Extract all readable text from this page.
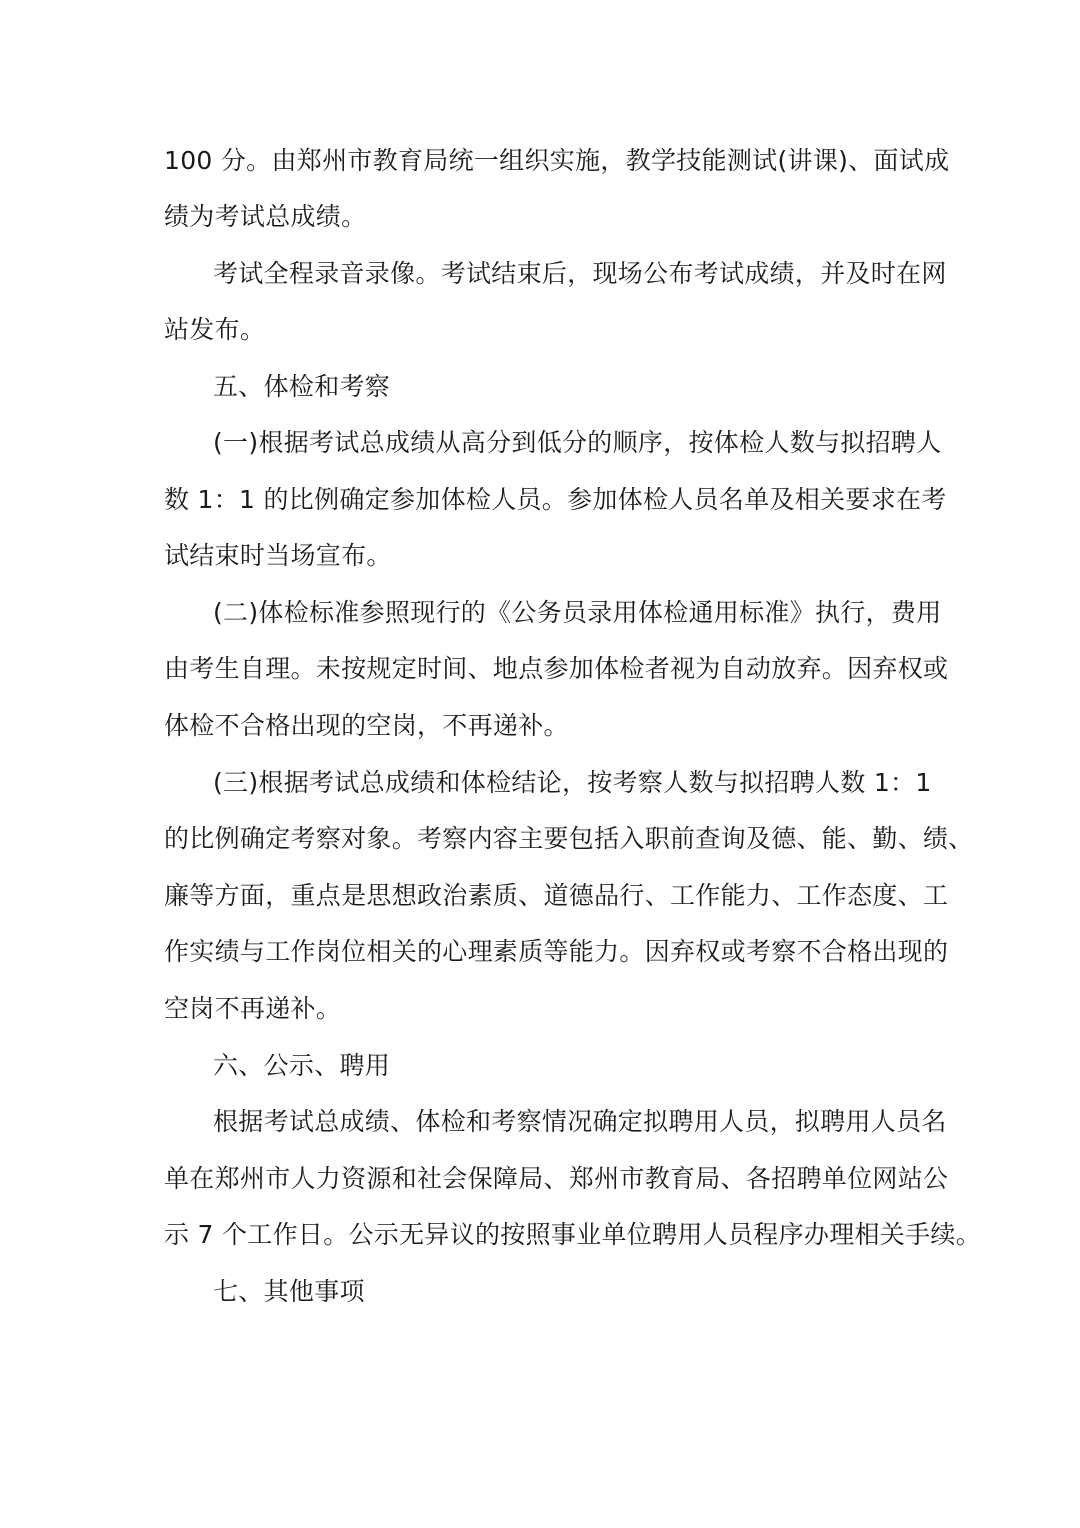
100 分。由郑州市教育局统一组织实施，教学技能测试(讲课)、面试成
绩为考试总成绩。
考试全程录音录像。考试结束后，现场公布考试成绩，并及时在网
站发布。
五、体检和考察
(一)根据考试总成绩从高分到低分的顺序，按体检人数与拟招聘人
数 1：1 的比例确定参加体检人员。参加体检人员名单及相关要求在考
试结束时当场宣布。
(二)体检标准参照现行的《公务员录用体检通用标准》执行，费用
由考生自理。未按规定时间、地点参加体检者视为自动放弃。因弃权或
体检不合格出现的空岗，不再递补。
(三)根据考试总成绩和体检结论，按考察人数与拟招聘人数 1：1
的比例确定考察对象。考察内容主要包括入职前查询及德、能、勤、绩、
廉等方面，重点是思想政治素质、道德品行、工作能力、工作态度、工
作实绩与工作岗位相关的心理素质等能力。因弃权或考察不合格出现的
空岗不再递补。
六、公示、聘用
根据考试总成绩、体检和考察情况确定拟聘用人员，拟聘用人员名
单在郑州市人力资源和社会保障局、郑州市教育局、各招聘单位网站公
示 7 个工作日。公示无异议的按照事业单位聘用人员程序办理相关手续。
七、其他事项
